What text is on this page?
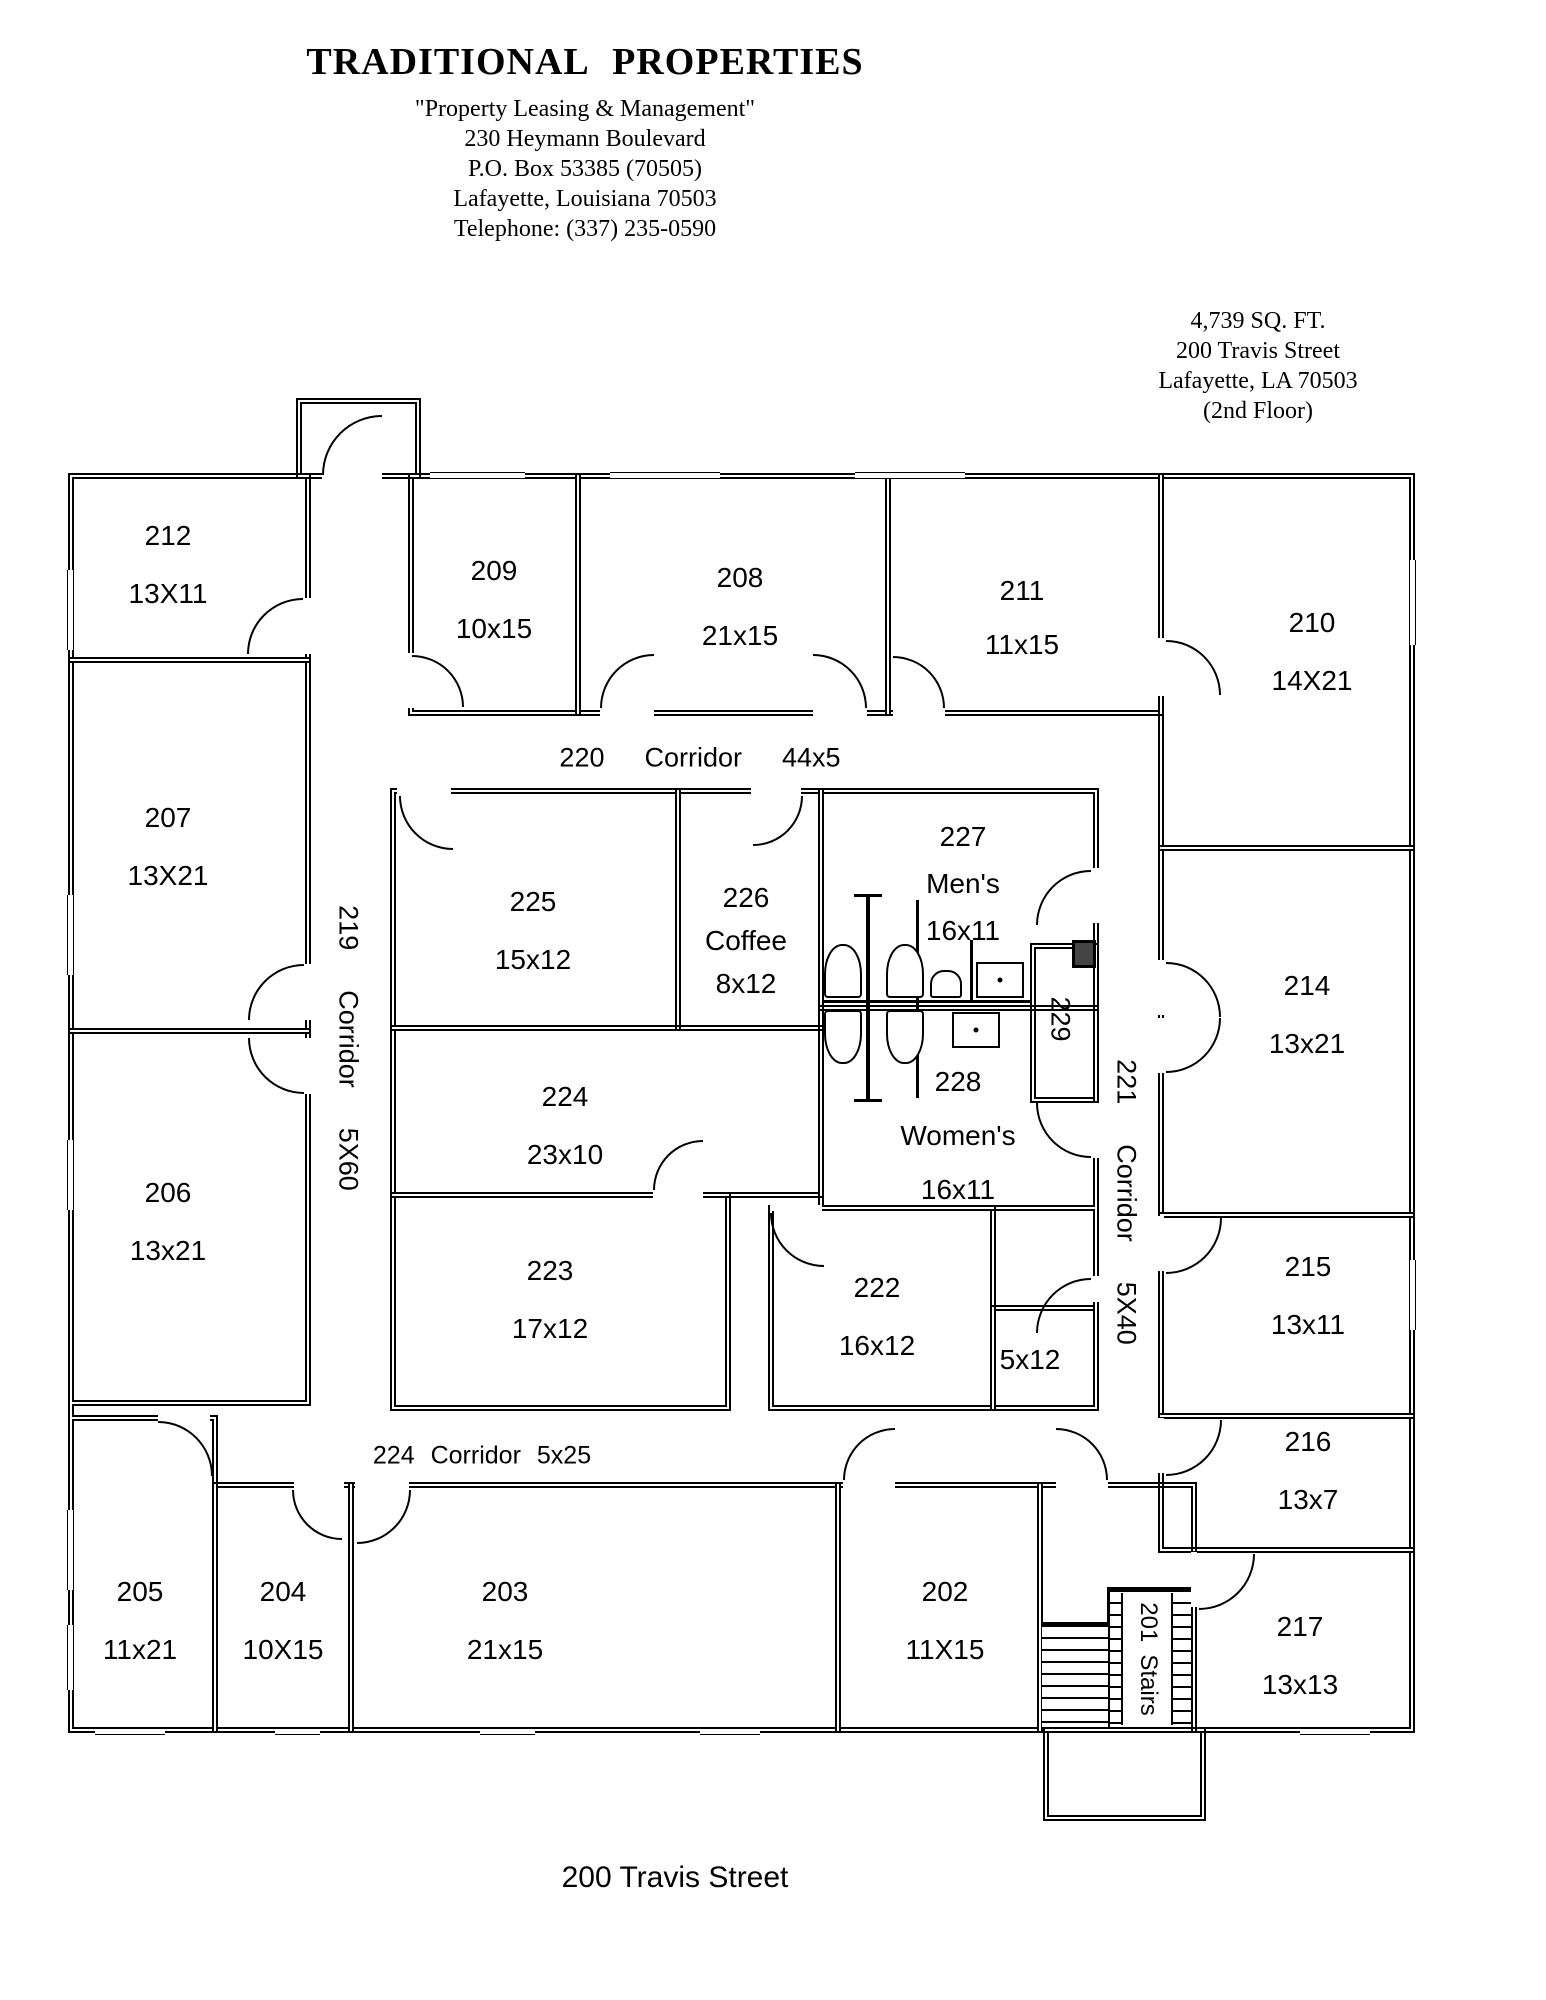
TRADITIONAL PROPERTIES
"Property Leasing & Management"
230 Heymann Boulevard
P.O. Box 53385 (70505)
Lafayette, Louisiana 70503
Telephone: (337) 235-0590
4,739 SQ. FT.
200 Travis Street
Lafayette, LA 70503
(2nd Floor)
201
Stairs
212
13X11
209
10x15
208
21x15
211
11x15
210
14X21
207
13X21
206
13x21
205
11x21
204
10X15
203
21x15
202
11X15
217
13x13
216
13x7
215
13x11
214
13x21
225
15x12
226
Coffee
8x12
227
Men's
16x11
228
Women's
16x11
229
224
23x10
223
17x12
222
16x12	5x12
220 Corridor 44x5
219
Corridor
5X60
221
Corridor
5X40
224 Corridor 5x25
200 Travis Street
